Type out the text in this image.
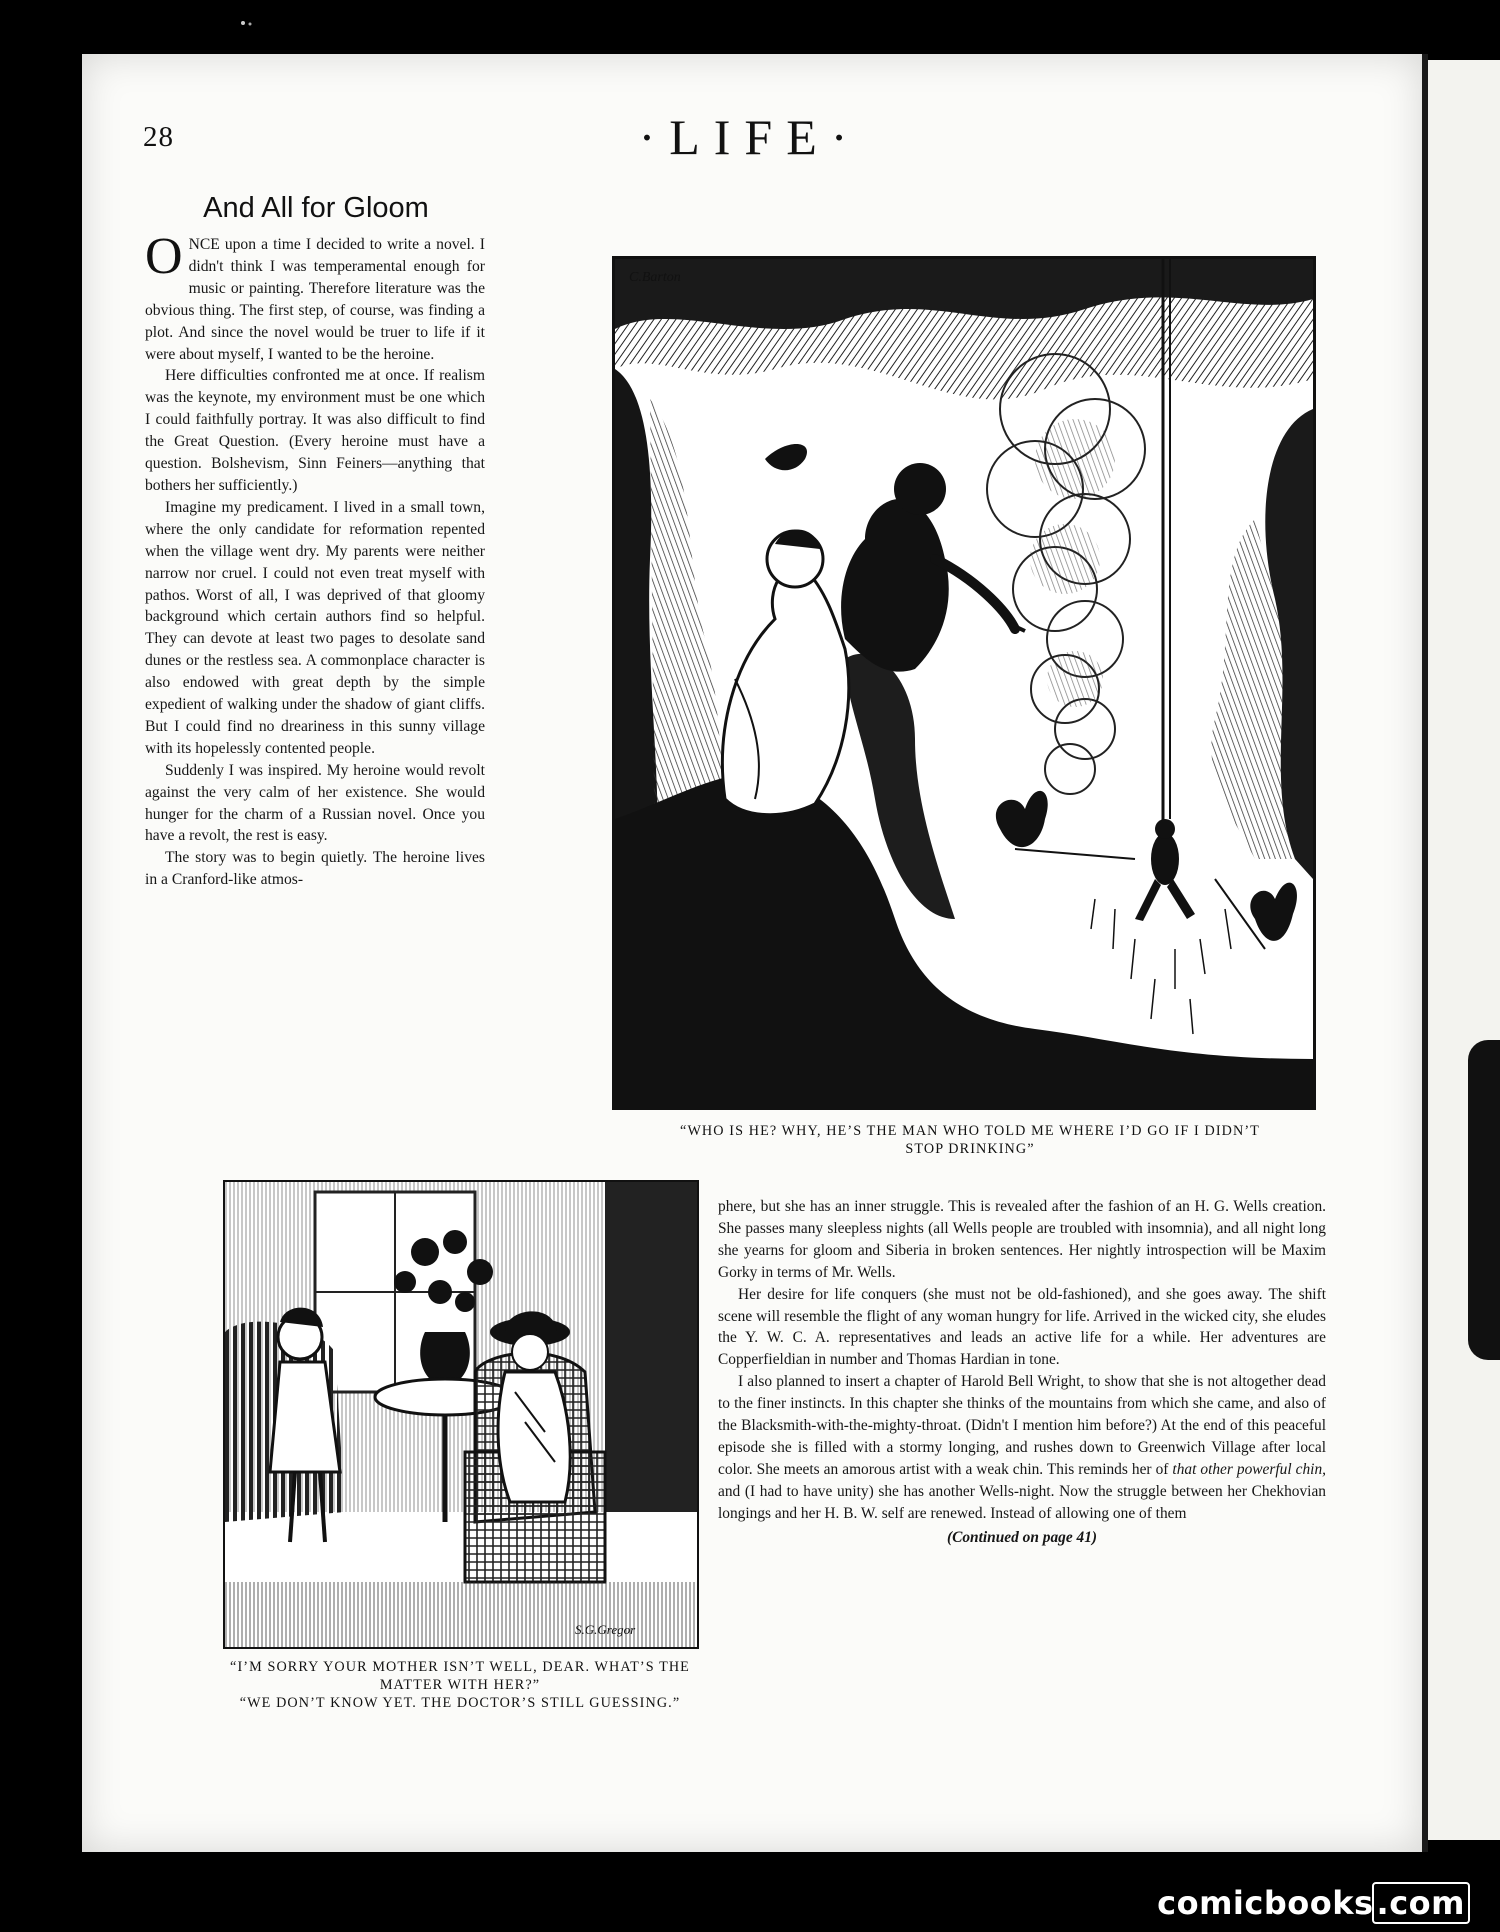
28	·LIFE·
And All for Gloom

ONCE upon a time I decided to write a novel. I didn't think I was temperamental enough for music or painting. Therefore literature was the obvious thing. The first step, of course, was finding a plot. And since the novel would be truer to life if it were about myself, I wanted to be the heroine.

Here difficulties confronted me at once. If realism was the keynote, my environment must be one which I could faithfully portray. It was also difficult to find the Great Question. (Every heroine must have a question. Bolshevism, Sinn Feiners—anything that bothers her sufficiently.)

Imagine my predicament. I lived in a small town, where the only candidate for reformation repented when the village went dry. My parents were neither narrow nor cruel. I could not even treat myself with pathos. Worst of all, I was deprived of that gloomy background which certain authors find so helpful. They can devote at least two pages to desolate sand dunes or the restless sea. A commonplace character is also endowed with great depth by the simple expedient of walking under the shadow of giant cliffs. But I could find no dreariness in this sunny village with its hopelessly contented people.

Suddenly I was inspired. My heroine would revolt against the very calm of her existence. She would hunger for the charm of a Russian novel. Once you have a revolt, the rest is easy.

The story was to begin quietly. The heroine lives in a Cranford-like atmos-

phere, but she has an inner struggle. This is revealed after the fashion of an H. G. Wells creation. She passes many sleepless nights (all Wells people are troubled with insomnia), and all night long she yearns for gloom and Siberia in broken sentences. Her nightly introspection will be Maxim Gorky in terms of Mr. Wells.

Her desire for life conquers (she must not be old-fashioned), and she goes away. The shift scene will resemble the flight of any woman hungry for life. Arrived in the wicked city, she eludes the Y. W. C. A. representatives and leads an active life for a while. Her adventures are Copperfieldian in number and Thomas Hardian in tone.

I also planned to insert a chapter of Harold Bell Wright, to show that she is not altogether dead to the finer instincts. In this chapter she thinks of the mountains from which she came, and also of the Blacksmith-with-the-mighty-throat. (Didn't I mention him before?) At the end of this peaceful episode she is filled with a stormy longing, and rushes down to Greenwich Village after local color. She meets an amorous artist with a weak chin. This reminds her of that other powerful chin, and (I had to have unity) she has another Wells-night. Now the struggle between her Chekhovian longings and her H. B. W. self are renewed. Instead of allowing one of them

(Continued on page 41)
C.Barton
“WHO IS HE? WHY, HE’S THE MAN WHO TOLD ME WHERE I’D GO IF I DIDN’T
STOP DRINKING”
S.G.Gregor
“I’M SORRY YOUR MOTHER ISN’T WELL, DEAR. WHAT’S THE
MATTER WITH HER?”
“WE DON’T KNOW YET. THE DOCTOR’S STILL GUESSING.”
comicbooks.com
